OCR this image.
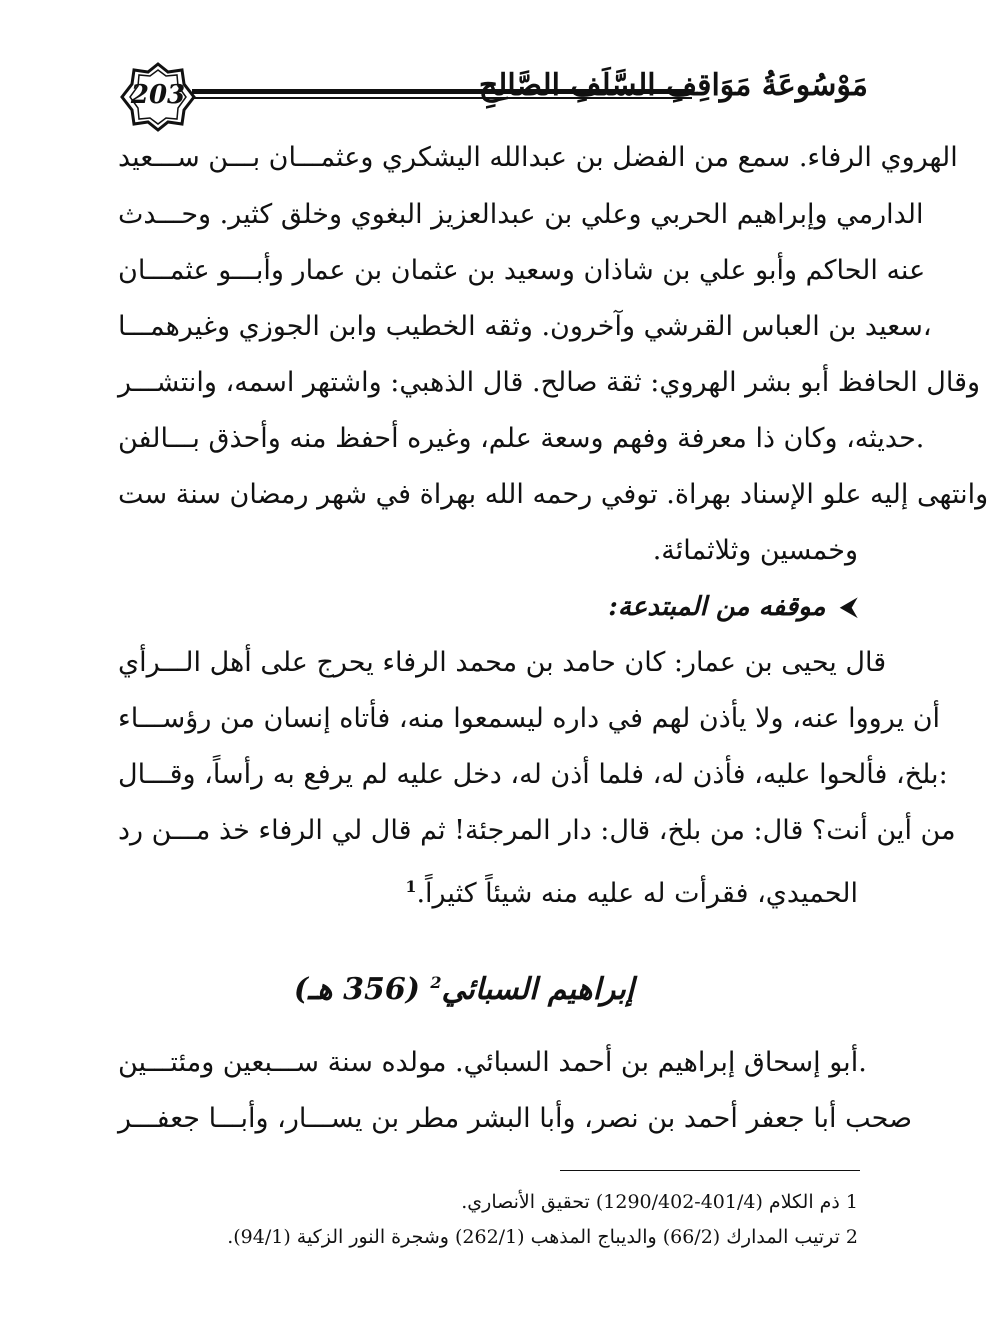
203	مَوْسُوعَةُ مَوَاقِفِ السَّلَفِ الصَّالِحِ
الهروي الرفاء. سمع من الفضل بن عبدالله اليشكري وعثمـــان بـــن ســـعيد
الدارمي وإبراهيم الحربي وعلي بن عبدالعزيز البغوي وخلق كثير. وحـــدث
عنه الحاكم وأبو علي بن شاذان وسعيد بن عثمان بن عمار وأبـــو عثمـــان
سعيد بن العباس القرشي وآخرون. وثقه الخطيب وابن الجوزي وغيرهمـــا،
وقال الحافظ أبو بشر الهروي: ثقة صالح. قال الذهبي: واشتهر اسمه، وانتشـــر
حديثه، وكان ذا معرفة وفهم وسعة علم، وغيره أحفظ منه وأحذق بـــالفن.
وانتهى إليه علو الإسناد بهراة. توفي رحمه الله بهراة في شهر رمضان سنة ست
وخمسين وثلاثمائة.
⮜موقفه من المبتدعة:
قال يحيى بن عمار: كان حامد بن محمد الرفاء يحرج على أهل الـــرأي
أن يرووا عنه، ولا يأذن لهم في داره ليسمعوا منه، فأتاه إنسان من رؤســـاء
بلخ، فألحوا عليه، فأذن له، فلما أذن له، دخل عليه لم يرفع به رأساً، وقـــال:
من أين أنت؟ قال: من بلخ، قال: دار المرجئة! ثم قال لي الرفاء خذ مـــن رد
الحميدي، فقرأت له عليه منه شيئاً كثيراً.$^1$
إبراهيم السبائي$^2$ (356 هـ)
أبو إسحاق إبراهيم بن أحمد السبائي. مولده سنة ســـبعين ومئتـــين.
صحب أبا جعفر أحمد بن نصر، وأبا البشر مطر بن يســـار، وأبـــا جعفـــر
1 ذم الكلام (401/4-1290/402) تحقيق الأنصاري.
2 ترتيب المدارك (66/2) والديباج المذهب (262/1) وشجرة النور الزكية (94/1).
